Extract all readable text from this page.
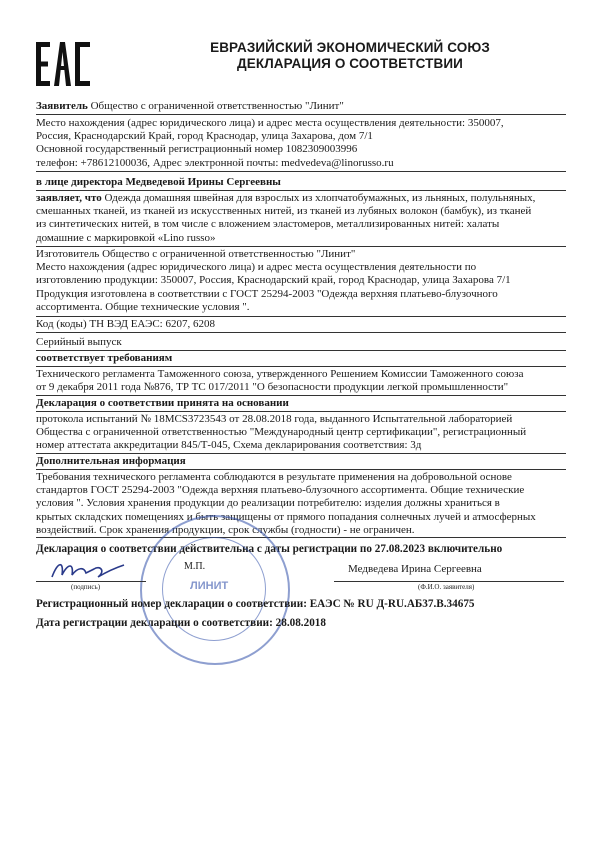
ЕВРАЗИЙСКИЙ ЭКОНОМИЧЕСКИЙ СОЮЗ
ДЕКЛАРАЦИЯ О СООТВЕТСТВИИ
Заявитель Общество с ограниченной ответственностью "Линит"
Место нахождения (адрес юридического лица) и адрес места осуществления деятельности: 350007,
Россия, Краснодарский Край, город Краснодар, улица Захарова, дом 7/1
Основной государственный регистрационный номер 1082309003996
телефон: +78612100036, Адрес электронной почты: medvedeva@linorusso.ru
в лице директора Медведевой Ирины Сергеевны
заявляет, что Одежда домашняя швейная для взрослых из хлопчатобумажных, из льняных, полульняных,
смешанных тканей, из тканей из искусственных нитей, из тканей из лубяных волокон (бамбук), из тканей
из синтетических нитей, в том числе с вложением эластомеров, металлизированных нитей: халаты
домашние с маркировкой «Lino russo»
Изготовитель Общество с ограниченной ответственностью "Линит"
Место нахождения (адрес юридического лица) и адрес места осуществления деятельности по
изготовлению продукции: 350007, Россия, Краснодарский край, город Краснодар, улица Захарова 7/1
Продукция изготовлена в соответствии с ГОСТ 25294-2003 "Одежда верхняя платьево-блузочного
ассортимента. Общие технические условия ".
Код (коды) ТН ВЭД ЕАЭС: 6207, 6208
Серийный выпуск
соответствует требованиям
Технического регламента Таможенного союза, утвержденного Решением Комиссии Таможенного союза
от 9 декабря 2011 года №876, ТР ТС 017/2011 "О безопасности продукции легкой промышленности"
Декларация о соответствии принята на основании
протокола испытаний № 18MCS3723543 от 28.08.2018 года, выданного Испытательной лабораторией
Общества с ограниченной ответственностью "Международный центр сертификации", регистрационный
номер аттестата аккредитации 845/Т-045, Схема декларирования соответствия: 3д
Дополнительная информация
Требования технического регламента соблюдаются в результате применения на добровольной основе
стандартов ГОСТ 25294-2003 "Одежда верхняя платьево-блузочного ассортимента. Общие технические
условия ". Условия хранения продукции до реализации потребителю: изделия должны храниться в
крытых складских помещениях и быть защищены от прямого попадания солнечных лучей и атмосферных
воздействий. Срок хранения продукции, срок службы (годности) - не ограничен.
Декларация о соответствии действительна с даты регистрации по 27.08.2023 включительно
ЛИНИТ
(подпись)
М.П.	Медведева Ирина Сергеевна
(Ф.И.О. заявителя)
Регистрационный номер декларации о соответствии: ЕАЭС № RU Д-RU.АБ37.В.34675
Дата регистрации декларации о соответствии: 28.08.2018
